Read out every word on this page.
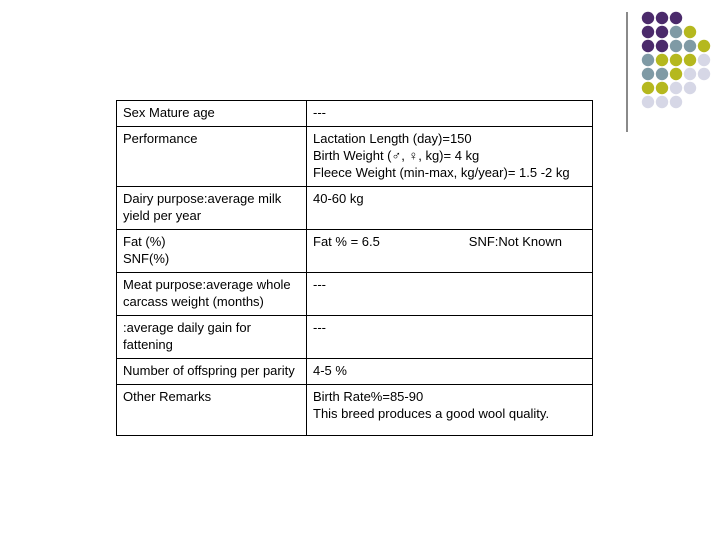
Sex Mature age	---

Performance	Lactation Length (day)=150
Birth Weight (♂, ♀, kg)= 4 kg
Fleece Weight (min-max, kg/year)= 1.5 -2 kg

Dairy purpose:average milk yield per year	40-60 kg

Fat (%)
SNF(%)	Fat % = 6.5 SNF:Not Known

Meat purpose:average whole carcass weight (months)	---

:average daily gain for fattening	---

Number of offspring per parity	4-5 %

Other Remarks	Birth Rate%=85-90
This breed produces a good wool quality.
